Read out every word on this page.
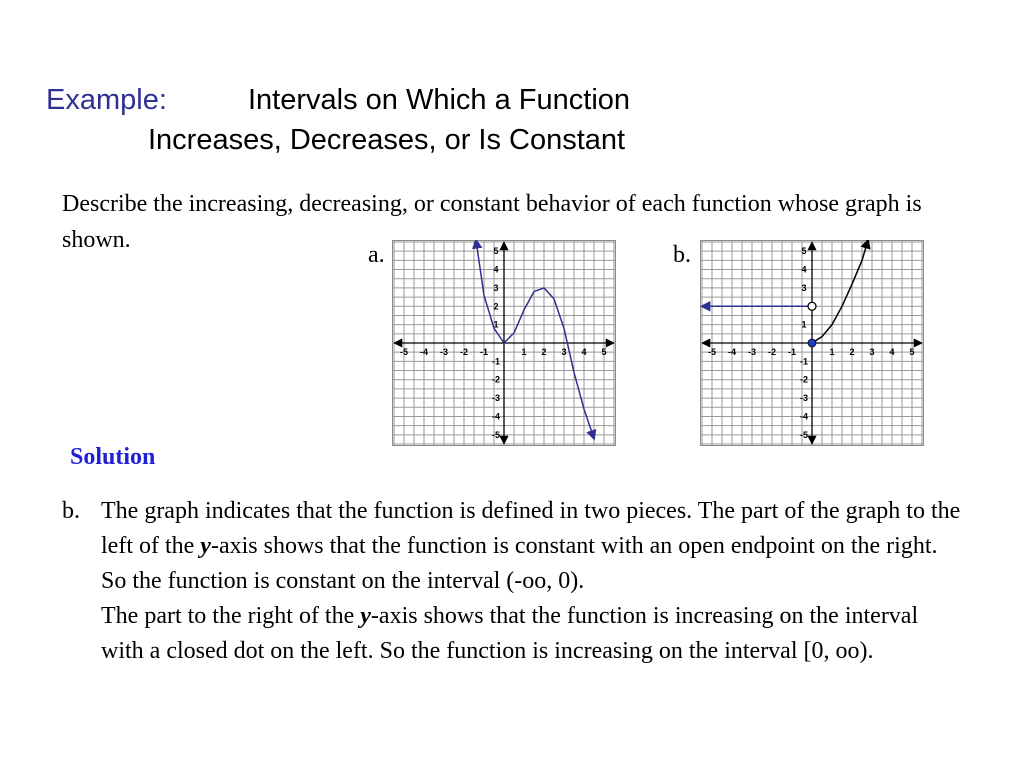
Example:	Intervals on Which a Function
Increases, Decreases, or Is Constant

Describe the increasing, decreasing, or constant behavior of each function whose graph is shown.

a.	b.
-5 -4 -3 -2 -1	1 2 3 4 5
-5
-4
-3
-2
-1
1
2
3
4
5
-5 -4 -3 -2 -1	1 2 3 4 5
-5
-4
-3
-2
-1
1
3
4
5
Solution
b. The graph indicates that the function is defined in two pieces. The part of the graph to the left of the y-axis shows that the function is constant with an open endpoint on the right. So the function is constant on the interval (-oo, 0).

The part to the right of the y-axis shows that the function is increasing on the interval with a closed dot on the left. So the function is increasing on the interval [0, oo).
